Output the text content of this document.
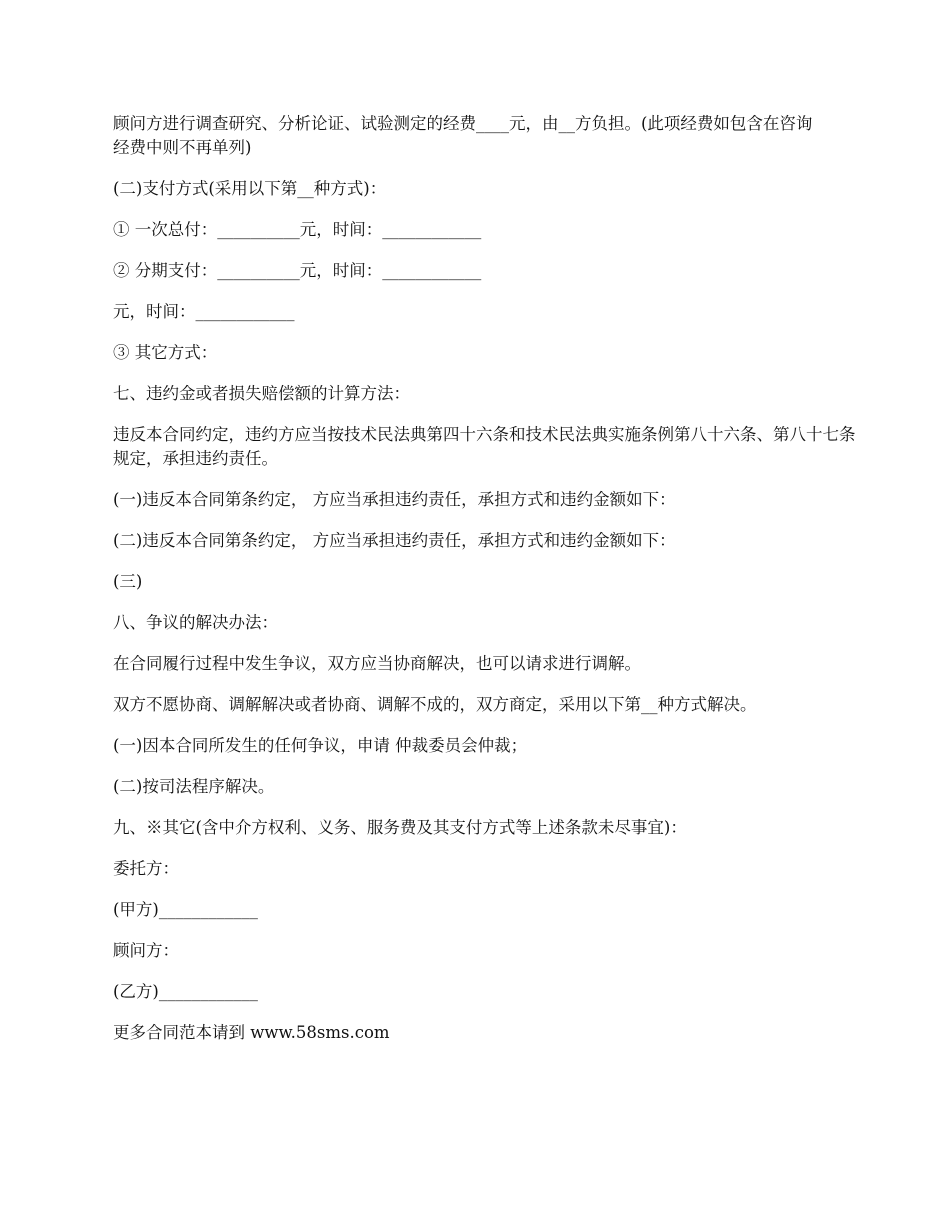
顾问方进行调查研究、分析论证、试验测定的经费____元，由__方负担。(此项经费如包含在咨询经费中则不再单列)

(二)支付方式(采用以下第__种方式)：

① 一次总付：__________元，时间：____________

② 分期支付：__________元，时间：____________

元，时间：____________

③ 其它方式：

七、违约金或者损失赔偿额的计算方法：

违反本合同约定，违约方应当按技术民法典第四十六条和技术民法典实施条例第八十六条、第八十七条规定，承担违约责任。

(一)违反本合同第条约定， 方应当承担违约责任，承担方式和违约金额如下：

(二)违反本合同第条约定， 方应当承担违约责任，承担方式和违约金额如下：

(三)

八、争议的解决办法：

在合同履行过程中发生争议，双方应当协商解决，也可以请求进行调解。

双方不愿协商、调解解决或者协商、调解不成的，双方商定，采用以下第__种方式解决。

(一)因本合同所发生的任何争议，申请 仲裁委员会仲裁；

(二)按司法程序解决。

九、※其它(含中介方权利、义务、服务费及其支付方式等上述条款未尽事宜)：

委托方：

(甲方)____________

顾问方：

(乙方)____________

更多合同范本请到 www.58sms.com
